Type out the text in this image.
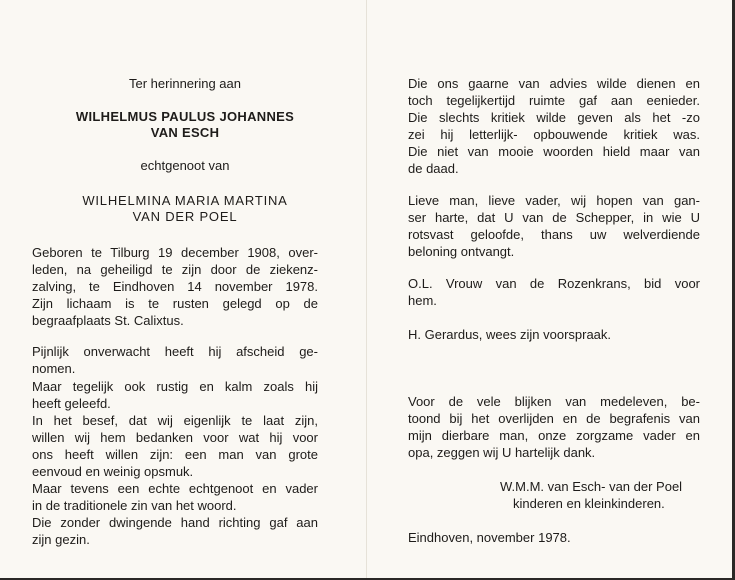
Ter herinnering aan
WILHELMUS PAULUS JOHANNES
VAN ESCH
echtgenoot van
WILHELMINA MARIA MARTINA
VAN DER POEL
Geboren te Tilburg 19 december 1908, over-
leden, na geheiligd te zijn door de ziekenz-
zalving, te Eindhoven 14 november 1978.
Zijn lichaam is te rusten gelegd op de
begraafplaats St. Calixtus.
Pijnlijk onverwacht heeft hij afscheid ge-
nomen.
Maar tegelijk ook rustig en kalm zoals hij
heeft geleefd.
In het besef, dat wij eigenlijk te laat zijn,
willen wij hem bedanken voor wat hij voor
ons heeft willen zijn: een man van grote
eenvoud en weinig opsmuk.
Maar tevens een echte echtgenoot en vader
in de traditionele zin van het woord.
Die zonder dwingende hand richting gaf aan
zijn gezin.
Die ons gaarne van advies wilde dienen en
toch tegelijkertijd ruimte gaf aan eenieder.
Die slechts kritiek wilde geven als het -zo
zei hij letterlijk- opbouwende kritiek was.
Die niet van mooie woorden hield maar van
de daad.
Lieve man, lieve vader, wij hopen van gan-
ser harte, dat U van de Schepper, in wie U
rotsvast geloofde, thans uw welverdiende
beloning ontvangt.
O.L. Vrouw van de Rozenkrans, bid voor
hem.
H. Gerardus, wees zijn voorspraak.
Voor de vele blijken van medeleven, be-
toond bij het overlijden en de begrafenis van
mijn dierbare man, onze zorgzame vader en
opa, zeggen wij U hartelijk dank.
W.M.M. van Esch- van der Poel
kinderen en kleinkinderen.
Eindhoven, november 1978.
